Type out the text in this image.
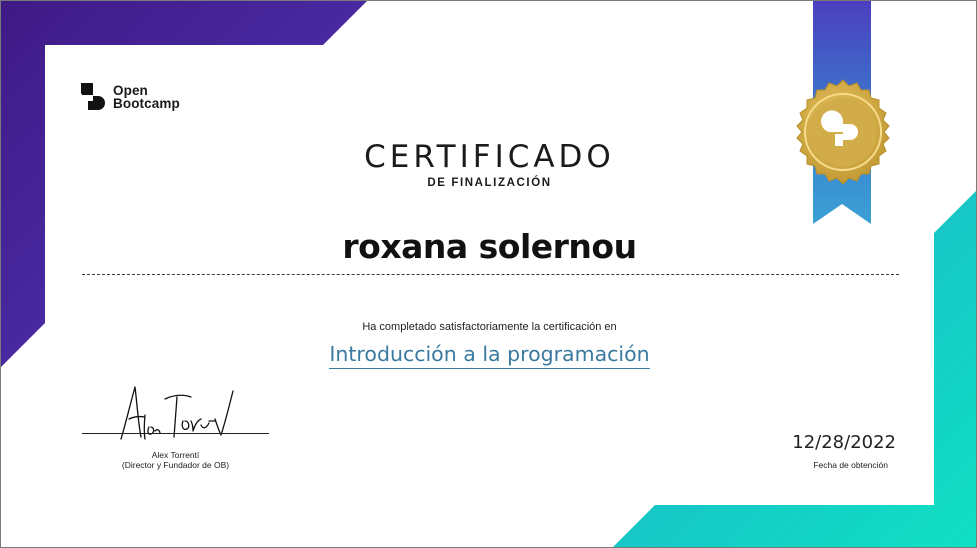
Open
Bootcamp
CERTIFICADO
DE FINALIZACIÓN
roxana solernou
Ha completado satisfactoriamente la certificación en
Introducción a la programación
Alex Torrentí
(Director y Fundador de OB)
12/28/2022
Fecha de obtención
